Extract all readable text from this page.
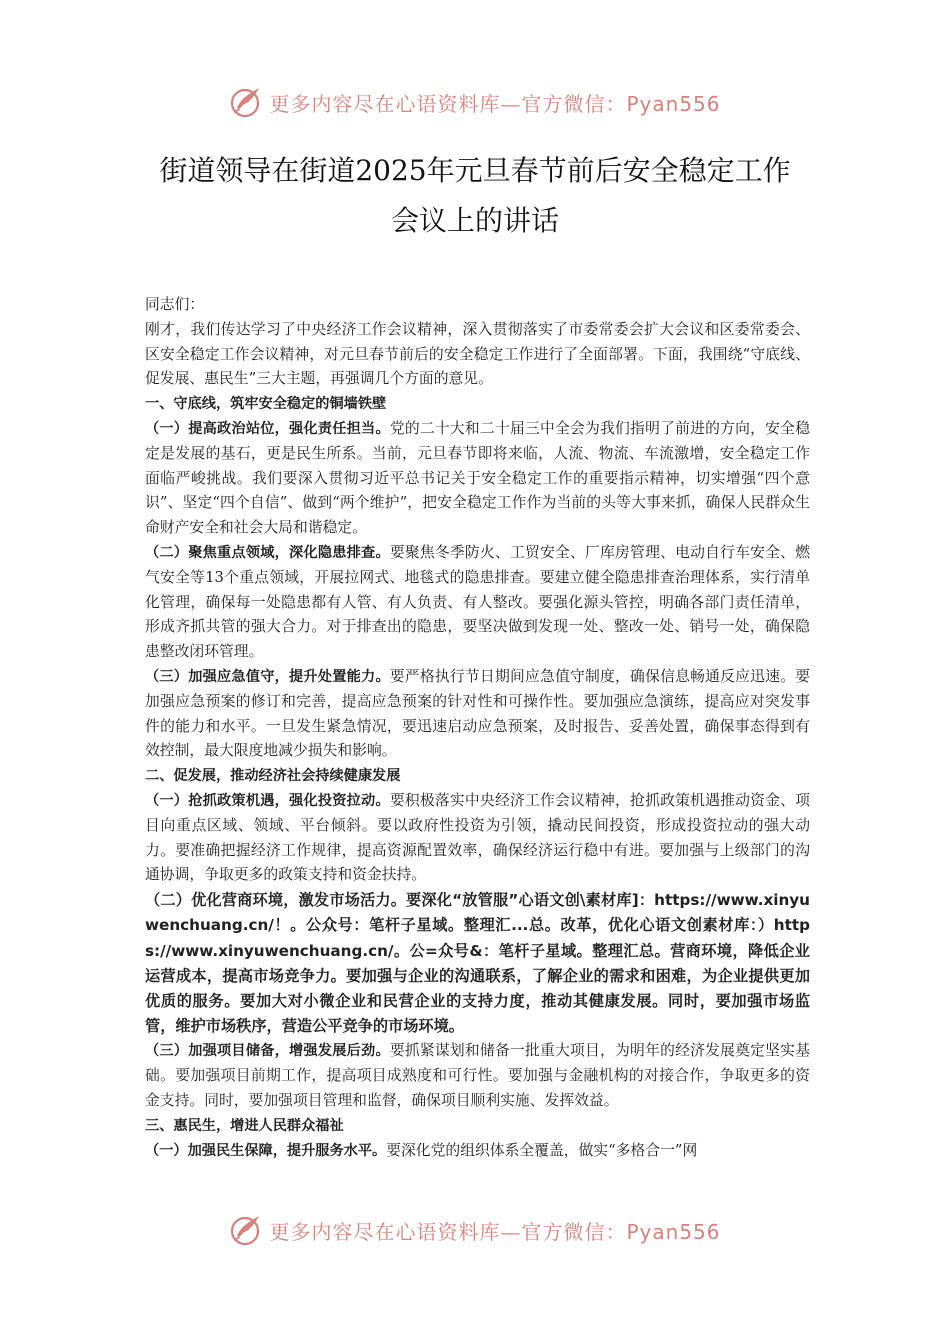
更多内容尽在心语资料库—官方微信：Pyan556
街道领导在街道2025年元旦春节前后安全稳定工作
会议上的讲话

同志们：

刚才，我们传达学习了中央经济工作会议精神，深入贯彻落实了市委常委会扩大会议和区委常委会、区安全稳定工作会议精神，对元旦春节前后的安全稳定工作进行了全面部署。下面，我围绕“守底线、促发展、惠民生”三大主题，再强调几个方面的意见。

一、守底线，筑牢安全稳定的铜墙铁壁

（一）提高政治站位，强化责任担当。党的二十大和二十届三中全会为我们指明了前进的方向，安全稳定是发展的基石，更是民生所系。当前，元旦春节即将来临，人流、物流、车流激增，安全稳定工作面临严峻挑战。我们要深入贯彻习近平总书记关于安全稳定工作的重要指示精神，切实增强“四个意识”、坚定“四个自信”、做到“两个维护”，把安全稳定工作作为当前的头等大事来抓，确保人民群众生命财产安全和社会大局和谐稳定。

（二）聚焦重点领域，深化隐患排查。要聚焦冬季防火、工贸安全、厂库房管理、电动自行车安全、燃气安全等13个重点领域，开展拉网式、地毯式的隐患排查。要建立健全隐患排查治理体系，实行清单化管理，确保每一处隐患都有人管、有人负责、有人整改。要强化源头管控，明确各部门责任清单，形成齐抓共管的强大合力。对于排查出的隐患，要坚决做到发现一处、整改一处、销号一处，确保隐患整改闭环管理。

（三）加强应急值守，提升处置能力。要严格执行节日期间应急值守制度，确保信息畅通反应迅速。要加强应急预案的修订和完善，提高应急预案的针对性和可操作性。要加强应急演练，提高应对突发事件的能力和水平。一旦发生紧急情况，要迅速启动应急预案，及时报告、妥善处置，确保事态得到有效控制，最大限度地减少损失和影响。

二、促发展，推动经济社会持续健康发展

（一）抢抓政策机遇，强化投资拉动。要积极落实中央经济工作会议精神，抢抓政策机遇推动资金、项目向重点区域、领域、平台倾斜。要以政府性投资为引领，撬动民间投资，形成投资拉动的强大动力。要准确把握经济工作规律，提高资源配置效率，确保经济运行稳中有进。要加强与上级部门的沟通协调，争取更多的政策支持和资金扶持。

（二）优化营商环境，激发市场活力。要深化“放管服”心语文创\素材库]：https://www.xinyuwenchuang.cn/！。公众号：笔杆子星域。整理汇...总。改革，优化心语文创素材库：）https://www.xinyuwenchuang.cn/。公=众号&：笔杆子星域。整理汇总。营商环境，降低企业运营成本，提高市场竞争力。要加强与企业的沟通联系，了解企业的需求和困难，为企业提供更加优质的服务。要加大对小微企业和民营企业的支持力度，推动其健康发展。同时，要加强市场监管，维护市场秩序，营造公平竞争的市场环境。

（三）加强项目储备，增强发展后劲。要抓紧谋划和储备一批重大项目，为明年的经济发展奠定坚实基础。要加强项目前期工作，提高项目成熟度和可行性。要加强与金融机构的对接合作，争取更多的资金支持。同时，要加强项目管理和监督，确保项目顺利实施、发挥效益。

三、惠民生，增进人民群众福祉

（一）加强民生保障，提升服务水平。要深化党的组织体系全覆盖，做实“多格合一”网

更多内容尽在心语资料库—官方微信：Pyan556
